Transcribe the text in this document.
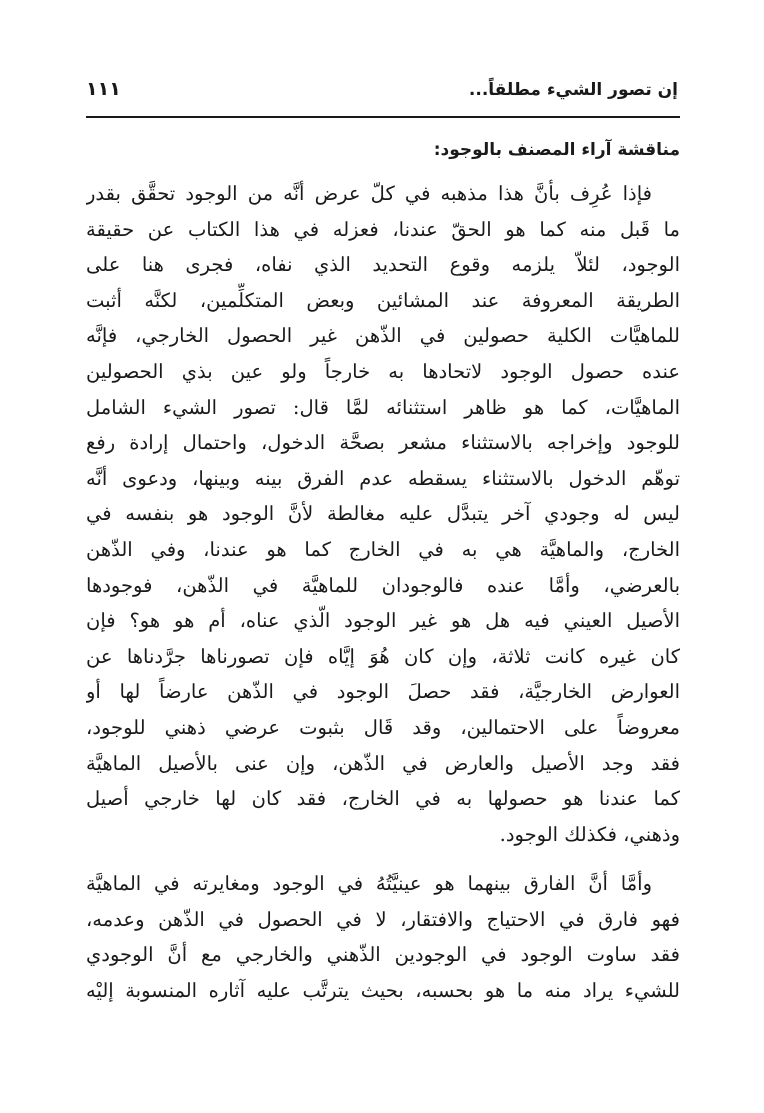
إن تصور الشيء مطلقاً...
١١١
مناقشة آراء المصنف بالوجود:
فإذا عُرِف بأنَّ هذا مذهبه في كلّ عرض أنَّه من الوجود تحقَّق بقدر
ما قَبل منه كما هو الحقّ عندنا، فعزله في هذا الكتاب عن حقيقة
الوجود، لئلاّ يلزمه وقوع التحديد الذي نفاه، فجرى هنا على
الطريقة المعروفة عند المشائين وبعض المتكلِّمين، لكنَّه أثبت
للماهيَّات الكلية حصولين في الذّهن غير الحصول الخارجي، فإنَّه
عنده حصول الوجود لاتحادها به خارجاً ولو عين بذي الحصولين
الماهيَّات، كما هو ظاهر استثنائه لمَّا قال: تصور الشيء الشامل
للوجود وإخراجه بالاستثناء مشعر بصحَّة الدخول، واحتمال إرادة رفع
توهّم الدخول بالاستثناء يسقطه عدم الفرق بينه وبينها، ودعوى أنَّه
ليس له وجودي آخر يتبدَّل عليه مغالطة لأنَّ الوجود هو بنفسه في
الخارج، والماهيَّة هي به في الخارج كما هو عندنا، وفي الذّهن
بالعرضي، وأمَّا عنده فالوجودان للماهيَّة في الذّهن، فوجودها
الأصيل العيني فيه هل هو غير الوجود الّذي عناه، أم هو هو؟ فإن
كان غيره كانت ثلاثة، وإن كان هُوَ إيَّاه فإن تصورناها جرَّدناها عن
العوارض الخارجيَّة، فقد حصلَ الوجود في الذّهن عارضاً لها أو
معروضاً على الاحتمالين، وقد قَال بثبوت عرضي ذهني للوجود،
فقد وجد الأصيل والعارض في الذّهن، وإن عنى بالأصيل الماهيَّة
كما عندنا هو حصولها به في الخارج، فقد كان لها خارجي أصيل
وذهني، فكذلك الوجود.
وأمَّا أنَّ الفارق بينهما هو عينيَّتُهُ في الوجود ومغايرته في الماهيَّة
فهو فارق في الاحتياج والافتقار، لا في الحصول في الذّهن وعدمه،
فقد ساوت الوجود في الوجودين الذّهني والخارجي مع أنَّ الوجودي
للشيء يراد منه ما هو بحسبه، بحيث يترتَّب عليه آثاره المنسوبة إليْه
